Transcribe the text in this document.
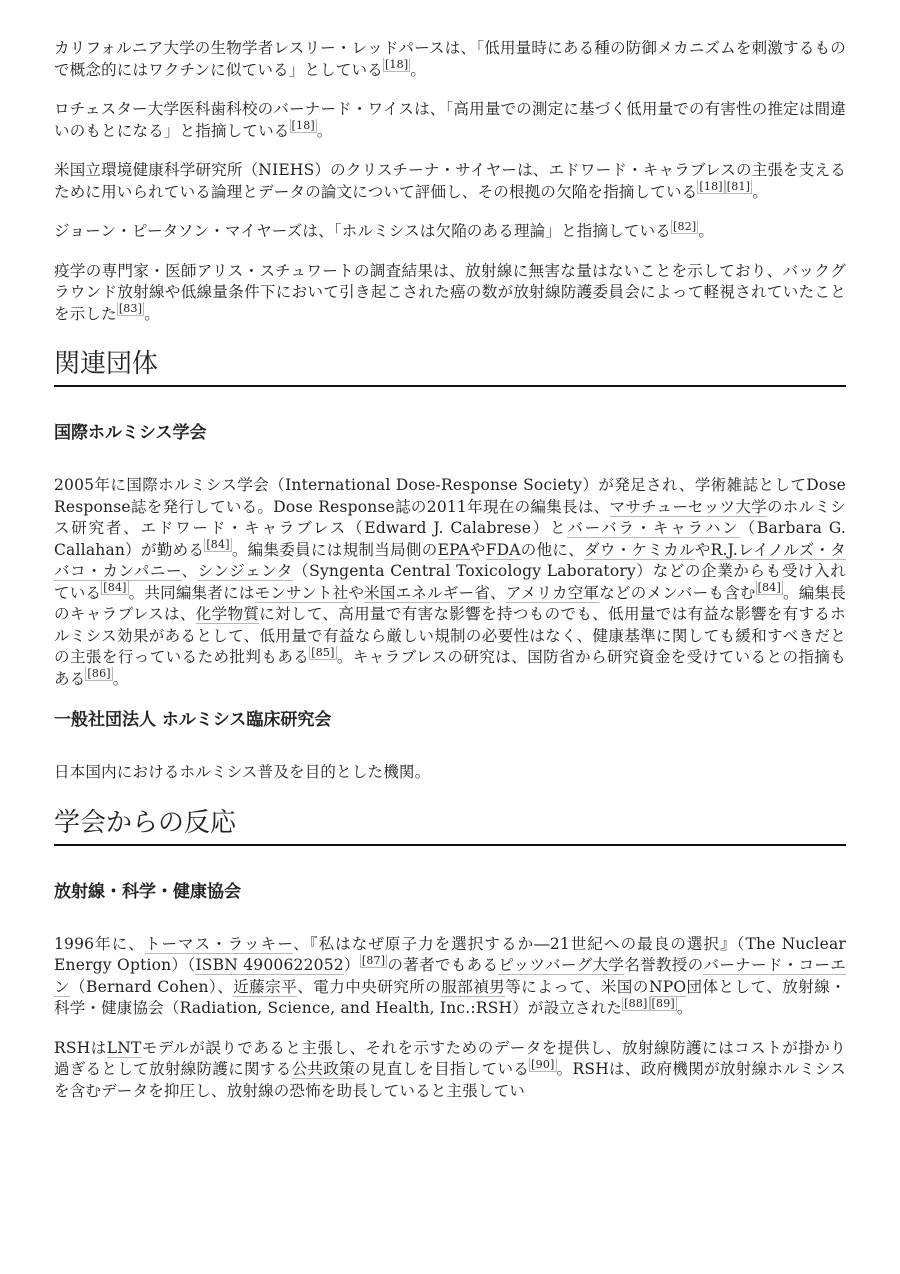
カリフォルニア大学の生物学者レスリー・レッドパースは、「低用量時にある種の防御メカニズムを刺激するもので概念的にはワクチンに似ている」としている [18] 。

ロチェスター大学医科歯科校のバーナード・ワイスは、「高用量での測定に基づく低用量での有害性の推定は間違いのもとになる」と指摘している [18] 。

米国立環境健康科学研究所（NIEHS）のクリスチーナ・サイヤーは、エドワード・キャラブレスの主張を支えるために用いられている論理とデータの論文について評価し、その根拠の欠陥を指摘している [18] [81] 。

ジョーン・ピータソン・マイヤーズは、「ホルミシスは欠陥のある理論」と指摘している [82] 。

疫学の専門家・医師アリス・スチュワートの調査結果は、放射線に無害な量はないことを示しており、バックグラウンド放射線や低線量条件下において引き起こされた癌の数が放射線防護委員会によって軽視されていたことを示した [83] 。

関連団体
国際ホルミシス学会

2005年に国際ホルミシス学会（International Dose-Response Society）が発足され、学術雑誌としてDose Response誌を発行している。Dose Response誌の2011年現在の編集長は、マサチューセッツ大学のホルミシス研究者、エドワード・キャラブレス（Edward J. Calabrese）とバーバラ・キャラハン（Barbara G. Callahan）が勤める [84] 。編集委員には規制当局側のEPAやFDAの他に、ダウ・ケミカルやR.J.レイノルズ・タバコ・カンパニー、シンジェンタ（Syngenta Central Toxicology Laboratory）などの企業からも受け入れている [84] 。共同編集者にはモンサント社や米国エネルギー省、アメリカ空軍などのメンバーも含む [84] 。編集長のキャラブレスは、化学物質に対して、高用量で有害な影響を持つものでも、低用量では有益な影響を有するホルミシス効果があるとして、低用量で有益なら厳しい規制の必要性はなく、健康基準に関しても緩和すべきだとの主張を行っているため批判もある [85] 。キャラブレスの研究は、国防省から研究資金を受けているとの指摘もある [86] 。

一般社団法人 ホルミシス臨床研究会

日本国内におけるホルミシス普及を目的とした機関。

学会からの反応
放射線・科学・健康協会

1996年に、トーマス・ラッキー、『私はなぜ原子力を選択するか―21世紀への最良の選択』（The Nuclear Energy Option）（ISBN 4900622052） [87] の著者でもあるピッツバーグ大学名誉教授のバーナード・コーエン（Bernard Cohen）、近藤宗平、電力中央研究所の服部禎男等によって、米国のNPO団体として、放射線・科学・健康協会（Radiation, Science, and Health, Inc.:RSH）が設立された [88] [89] 。

RSHはLNTモデルが誤りであると主張し、それを示すためのデータを提供し、放射線防護にはコストが掛かり過ぎるとして放射線防護に関する公共政策の見直しを目指している [90] 。RSHは、政府機関が放射線ホルミシスを含むデータを抑圧し、放射線の恐怖を助長していると主張してい
